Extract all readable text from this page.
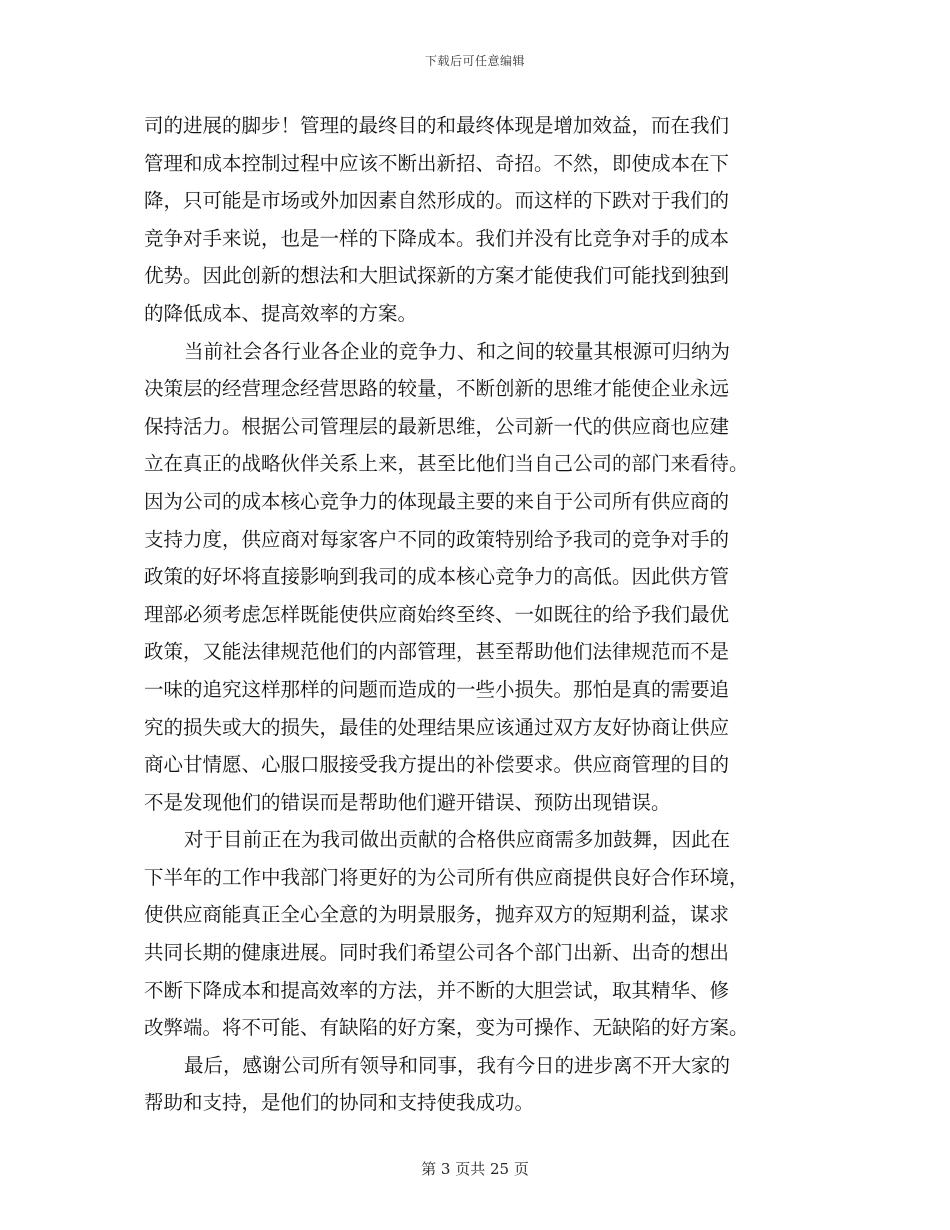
下载后可任意编辑
司的进展的脚步！管理的最终目的和最终体现是增加效益，而在我们
管理和成本控制过程中应该不断出新招、奇招。不然，即使成本在下
降，只可能是市场或外加因素自然形成的。而这样的下跌对于我们的
竞争对手来说，也是一样的下降成本。我们并没有比竞争对手的成本
优势。因此创新的想法和大胆试探新的方案才能使我们可能找到独到
的降低成本、提高效率的方案。
当前社会各行业各企业的竞争力、和之间的较量其根源可归纳为
决策层的经营理念经营思路的较量，不断创新的思维才能使企业永远
保持活力。根据公司管理层的最新思维，公司新一代的供应商也应建
立在真正的战略伙伴关系上来，甚至比他们当自己公司的部门来看待。
因为公司的成本核心竞争力的体现最主要的来自于公司所有供应商的
支持力度，供应商对每家客户不同的政策特别给予我司的竞争对手的
政策的好坏将直接影响到我司的成本核心竞争力的高低。因此供方管
理部必须考虑怎样既能使供应商始终至终、一如既往的给予我们最优
政策，又能法律规范他们的内部管理，甚至帮助他们法律规范而不是
一味的追究这样那样的问题而造成的一些小损失。那怕是真的需要追
究的损失或大的损失，最佳的处理结果应该通过双方友好协商让供应
商心甘情愿、心服口服接受我方提出的补偿要求。供应商管理的目的
不是发现他们的错误而是帮助他们避开错误、预防出现错误。
对于目前正在为我司做出贡献的合格供应商需多加鼓舞，因此在
下半年的工作中我部门将更好的为公司所有供应商提供良好合作环境，
使供应商能真正全心全意的为明景服务，抛弃双方的短期利益，谋求
共同长期的健康进展。同时我们希望公司各个部门出新、出奇的想出
不断下降成本和提高效率的方法，并不断的大胆尝试，取其精华、修
改弊端。将不可能、有缺陷的好方案，变为可操作、无缺陷的好方案。
最后，感谢公司所有领导和同事，我有今日的进步离不开大家的
帮助和支持，是他们的协同和支持使我成功。
第 3 页共 25 页
